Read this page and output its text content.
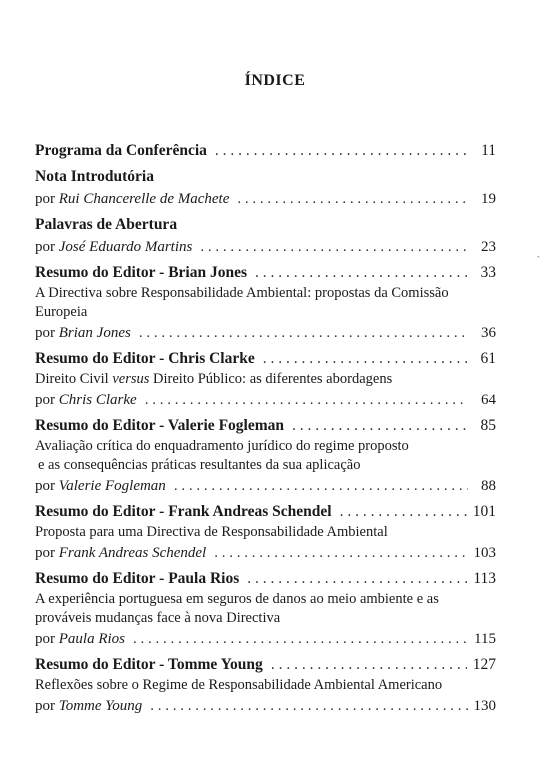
ÍNDICE
ˆ
Programa da Conferência . . .	11
Nota Introdutória
por
Rui Chancerelle de Machete . . .	19
Palavras de Abertura
por
José Eduardo Martins . . .	23
Resumo do Editor - Brian Jones . . .	33
A Directiva sobre Responsabilidade Ambiental: propostas da Comissão Europeia
por
Brian Jones . . .	36
Resumo do Editor - Chris Clarke . . .	61
Direito Civil versus Direito Público: as diferentes abordagens
por
Chris Clarke . . .	64
Resumo do Editor - Valerie Fogleman . . .	85
Avaliação crítica do enquadramento jurídico do regime proposto
e as consequências práticas resultantes da sua aplicação
por
Valerie Fogleman . . .	88
Resumo do Editor - Frank Andreas Schendel . . .	101
Proposta para uma Directiva de Responsabilidade Ambiental
por
Frank Andreas Schendel . . .	103
Resumo do Editor - Paula Rios . . .	113
A experiência portuguesa em seguros de danos ao meio ambiente e as prováveis mudanças face à nova Directiva
por
Paula Rios . . .	115
Resumo do Editor - Tomme Young . . .	127
Reflexões sobre o Regime de Responsabilidade Ambiental Americano
por
Tomme Young . . .	130
